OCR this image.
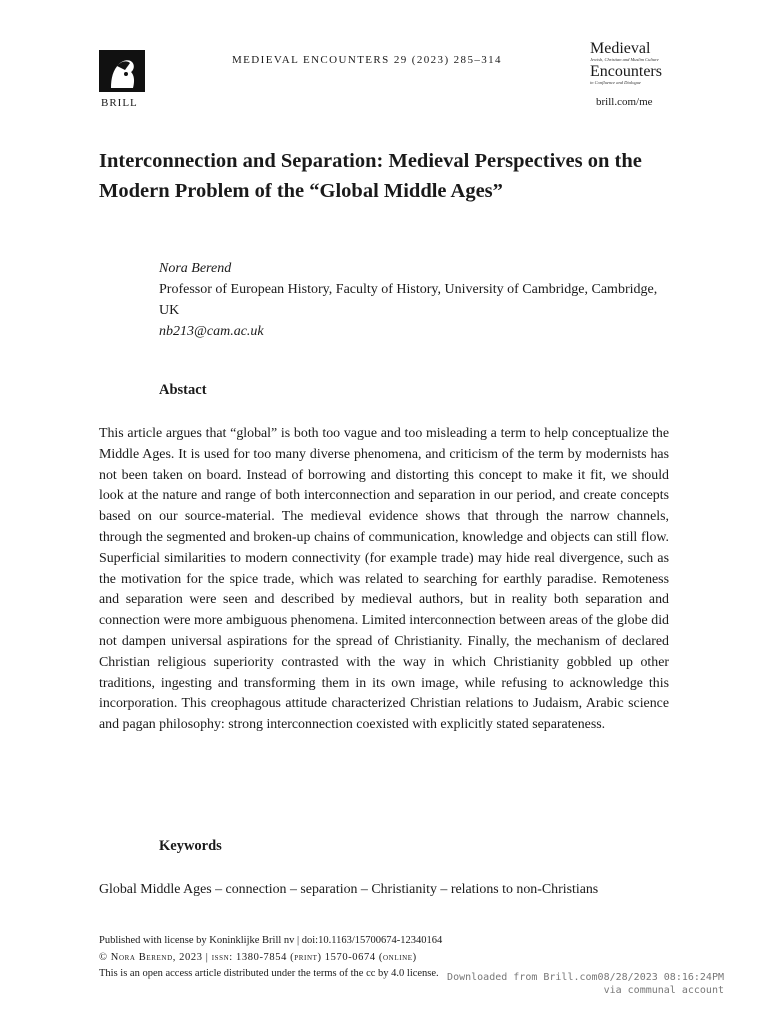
BRILL
MEDIEVAL ENCOUNTERS 29 (2023) 285–314
Medieval
Jewish, Christian and Muslim Culture
Encounters
in Confluence and Dialogue
brill.com/me
Interconnection and Separation: Medieval Perspectives on the Modern Problem of the “Global Middle Ages”
Nora Berend
Professor of European History, Faculty of History, University of Cambridge, Cambridge, UK
nb213@cam.ac.uk
Abstact
This article argues that “global” is both too vague and too misleading a term to help conceptualize the Middle Ages. It is used for too many diverse phenomena, and criticism of the term by modernists has not been taken on board. Instead of borrowing and distorting this concept to make it fit, we should look at the nature and range of both interconnection and separation in our period, and create concepts based on our source-material. The medieval evidence shows that through the narrow channels, through the segmented and broken-up chains of communication, knowledge and objects can still flow. Superficial similarities to modern connectivity (for example trade) may hide real divergence, such as the motivation for the spice trade, which was related to searching for earthly paradise. Remoteness and separation were seen and described by medieval authors, but in reality both separation and connection were more ambiguous phenomena. Limited interconnection between areas of the globe did not dampen universal aspirations for the spread of Christianity. Finally, the mechanism of declared Christian religious superiority contrasted with the way in which Christianity gobbled up other traditions, ingesting and transforming them in its own image, while refusing to acknowledge this incorporation. This creophagous attitude characterized Christian relations to Judaism, Arabic science and pagan philosophy: strong interconnection coexisted with explicitly stated separateness.
Keywords
Global Middle Ages – connection – separation – Christianity – relations to non-Christians
Published with license by Koninklijke Brill nv | doi:10.1163/15700674-12340164
© Nora Berend, 2023 | issn: 1380-7854 (print) 1570-0674 (online)
This is an open access article distributed under the terms of the cc by 4.0 license. Downloaded from Brill.com08/28/2023 08:16:24PM
via communal account
